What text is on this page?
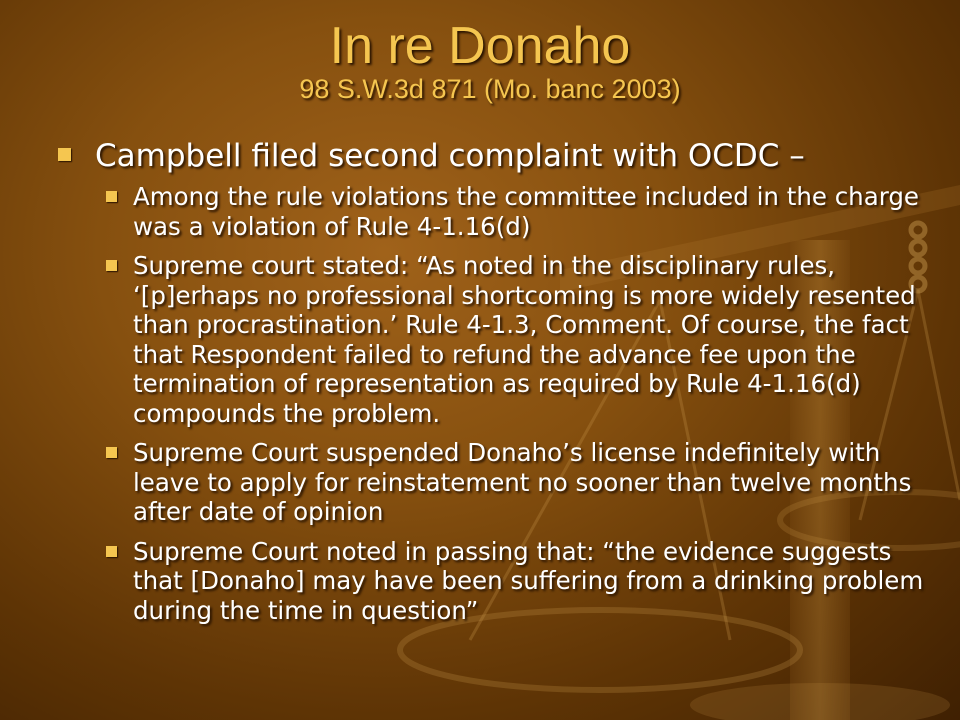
In re Donaho
98 S.W.3d 871 (Mo. banc 2003)
Campbell filed second complaint with OCDC –
Among the rule violations the committee included in the charge was a violation of Rule 4-1.16(d)
Supreme court stated: “As noted in the disciplinary rules, ‘[p]erhaps no professional shortcoming is more widely resented than procrastination.’ Rule 4-1.3, Comment. Of course, the fact that Respondent failed to refund the advance fee upon the termination of representation as required by Rule 4-1.16(d) compounds the problem.
Supreme Court suspended Donaho’s license indefinitely with leave to apply for reinstatement no sooner than twelve months after date of opinion
Supreme Court noted in passing that: “the evidence suggests that [Donaho] may have been suffering from a drinking problem during the time in question”
